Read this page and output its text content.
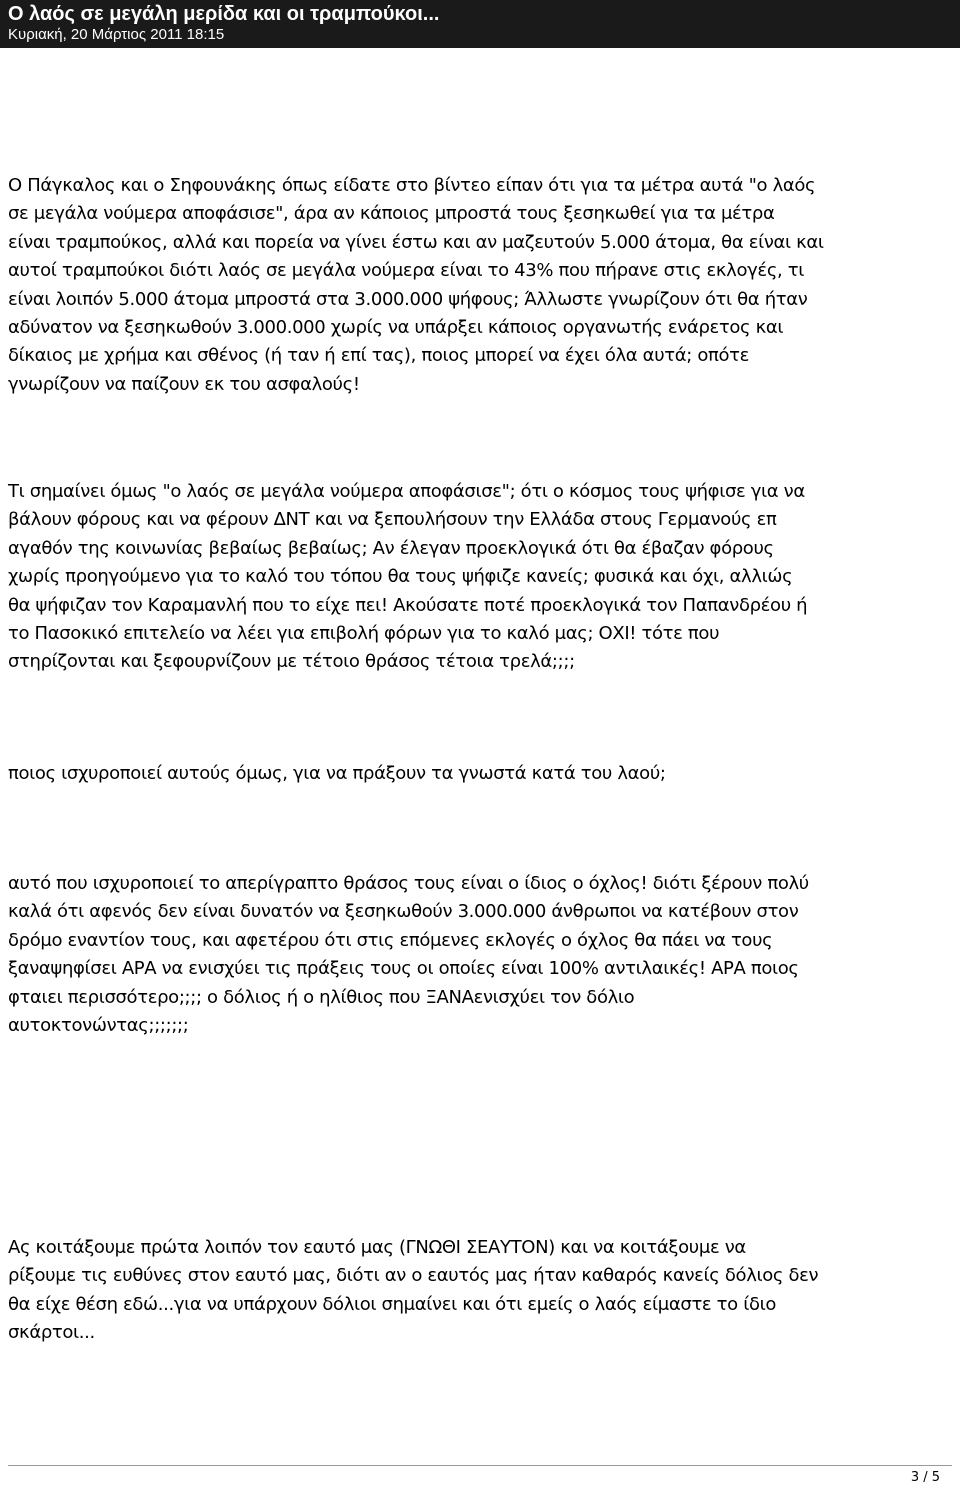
Ο λαός σε μεγάλη μερίδα και οι τραμπούκοι...
Κυριακή, 20 Μάρτιος 2011 18:15

Ο Πάγκαλος και ο Σηφουνάκης όπως είδατε στο βίντεο είπαν ότι για τα μέτρα αυτά "ο λαός
σε μεγάλα νούμερα αποφάσισε", άρα αν κάποιος μπροστά τους ξεσηκωθεί για τα μέτρα
είναι τραμπούκος, αλλά και πορεία να γίνει έστω και αν μαζευτούν 5.000 άτομα, θα είναι και
αυτοί τραμπούκοι διότι λαός σε μεγάλα νούμερα είναι το 43% που πήρανε στις εκλογές, τι
είναι λοιπόν 5.000 άτομα μπροστά στα 3.000.000 ψήφους; Άλλωστε γνωρίζουν ότι θα ήταν
αδύνατον να ξεσηκωθούν 3.000.000 χωρίς να υπάρξει κάποιος οργανωτής ενάρετος και
δίκαιος με χρήμα και σθένος (ή ταν ή επί τας), ποιος μπορεί να έχει όλα αυτά; οπότε
γνωρίζουν να παίζουν εκ του ασφαλούς!

Τι σημαίνει όμως "ο λαός σε μεγάλα νούμερα αποφάσισε"; ότι ο κόσμος τους ψήφισε για να
βάλουν φόρους και να φέρουν ΔΝΤ και να ξεπουλήσουν την Ελλάδα στους Γερμανούς επ
αγαθόν της κοινωνίας βεβαίως βεβαίως; Αν έλεγαν προεκλογικά ότι θα έβαζαν φόρους
χωρίς προηγούμενο για το καλό του τόπου θα τους ψήφιζε κανείς; φυσικά και όχι, αλλιώς
θα ψήφιζαν τον Καραμανλή που το είχε πει! Ακούσατε ποτέ προεκλογικά τον Παπανδρέου ή
το Πασοκικό επιτελείο να λέει για επιβολή φόρων για το καλό μας; ΟΧΙ! τότε που
στηρίζονται και ξεφουρνίζουν με τέτοιο θράσος τέτοια τρελά;;;;

ποιος ισχυροποιεί αυτούς όμως, για να πράξουν τα γνωστά κατά του λαού;

αυτό που ισχυροποιεί το απερίγραπτο θράσος τους είναι ο ίδιος ο όχλος! διότι ξέρουν πολύ
καλά ότι αφενός δεν είναι δυνατόν να ξεσηκωθούν 3.000.000 άνθρωποι να κατέβουν στον
δρόμο εναντίον τους, και αφετέρου ότι στις επόμενες εκλογές ο όχλος θα πάει να τους
ξαναψηφίσει ΑΡΑ να ενισχύει τις πράξεις τους οι οποίες είναι 100% αντιλαικές! ΑΡΑ ποιος
φταιει περισσότερο;;;; ο δόλιος ή ο ηλίθιος που ΞΑΝΑενισχύει τον δόλιο
αυτοκτονώντας;;;;;;;

Ας κοιτάξουμε πρώτα λοιπόν τον εαυτό μας (ΓΝΩΘΙ ΣΕΑΥΤΟΝ) και να κοιτάξουμε να
ρίξουμε τις ευθύνες στον εαυτό μας, διότι αν ο εαυτός μας ήταν καθαρός κανείς δόλιος δεν
θα είχε θέση εδώ...για να υπάρχουν δόλιοι σημαίνει και ότι εμείς ο λαός είμαστε το ίδιο
σκάρτοι...

3 / 5
